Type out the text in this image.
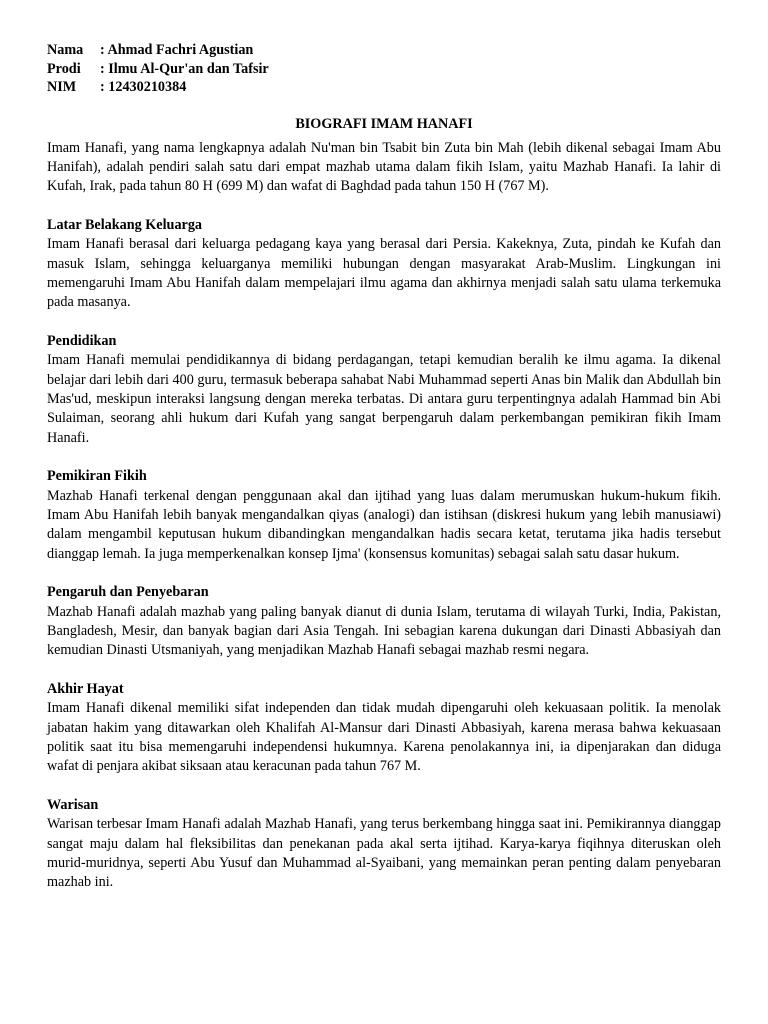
Nama	: Ahmad Fachri Agustian
Prodi	: Ilmu Al-Qur'an dan Tafsir
NIM	: 12430210384
BIOGRAFI IMAM HANAFI

Imam Hanafi, yang nama lengkapnya adalah Nu'man bin Tsabit bin Zuta bin Mah (lebih dikenal sebagai Imam Abu Hanifah), adalah pendiri salah satu dari empat mazhab utama dalam fikih Islam, yaitu Mazhab Hanafi. Ia lahir di Kufah, Irak, pada tahun 80 H (699 M) dan wafat di Baghdad pada tahun 150 H (767 M).

Latar Belakang Keluarga

Imam Hanafi berasal dari keluarga pedagang kaya yang berasal dari Persia. Kakeknya, Zuta, pindah ke Kufah dan masuk Islam, sehingga keluarganya memiliki hubungan dengan masyarakat Arab-Muslim. Lingkungan ini memengaruhi Imam Abu Hanifah dalam mempelajari ilmu agama dan akhirnya menjadi salah satu ulama terkemuka pada masanya.

Pendidikan

Imam Hanafi memulai pendidikannya di bidang perdagangan, tetapi kemudian beralih ke ilmu agama. Ia dikenal belajar dari lebih dari 400 guru, termasuk beberapa sahabat Nabi Muhammad seperti Anas bin Malik dan Abdullah bin Mas'ud, meskipun interaksi langsung dengan mereka terbatas. Di antara guru terpentingnya adalah Hammad bin Abi Sulaiman, seorang ahli hukum dari Kufah yang sangat berpengaruh dalam perkembangan pemikiran fikih Imam Hanafi.

Pemikiran Fikih

Mazhab Hanafi terkenal dengan penggunaan akal dan ijtihad yang luas dalam merumuskan hukum-hukum fikih. Imam Abu Hanifah lebih banyak mengandalkan qiyas (analogi) dan istihsan (diskresi hukum yang lebih manusiawi) dalam mengambil keputusan hukum dibandingkan mengandalkan hadis secara ketat, terutama jika hadis tersebut dianggap lemah. Ia juga memperkenalkan konsep Ijma' (konsensus komunitas) sebagai salah satu dasar hukum.

Pengaruh dan Penyebaran

Mazhab Hanafi adalah mazhab yang paling banyak dianut di dunia Islam, terutama di wilayah Turki, India, Pakistan, Bangladesh, Mesir, dan banyak bagian dari Asia Tengah. Ini sebagian karena dukungan dari Dinasti Abbasiyah dan kemudian Dinasti Utsmaniyah, yang menjadikan Mazhab Hanafi sebagai mazhab resmi negara.

Akhir Hayat

Imam Hanafi dikenal memiliki sifat independen dan tidak mudah dipengaruhi oleh kekuasaan politik. Ia menolak jabatan hakim yang ditawarkan oleh Khalifah Al-Mansur dari Dinasti Abbasiyah, karena merasa bahwa kekuasaan politik saat itu bisa memengaruhi independensi hukumnya. Karena penolakannya ini, ia dipenjarakan dan diduga wafat di penjara akibat siksaan atau keracunan pada tahun 767 M.

Warisan

Warisan terbesar Imam Hanafi adalah Mazhab Hanafi, yang terus berkembang hingga saat ini. Pemikirannya dianggap sangat maju dalam hal fleksibilitas dan penekanan pada akal serta ijtihad. Karya-karya fiqihnya diteruskan oleh murid-muridnya, seperti Abu Yusuf dan Muhammad al-Syaibani, yang memainkan peran penting dalam penyebaran mazhab ini.
